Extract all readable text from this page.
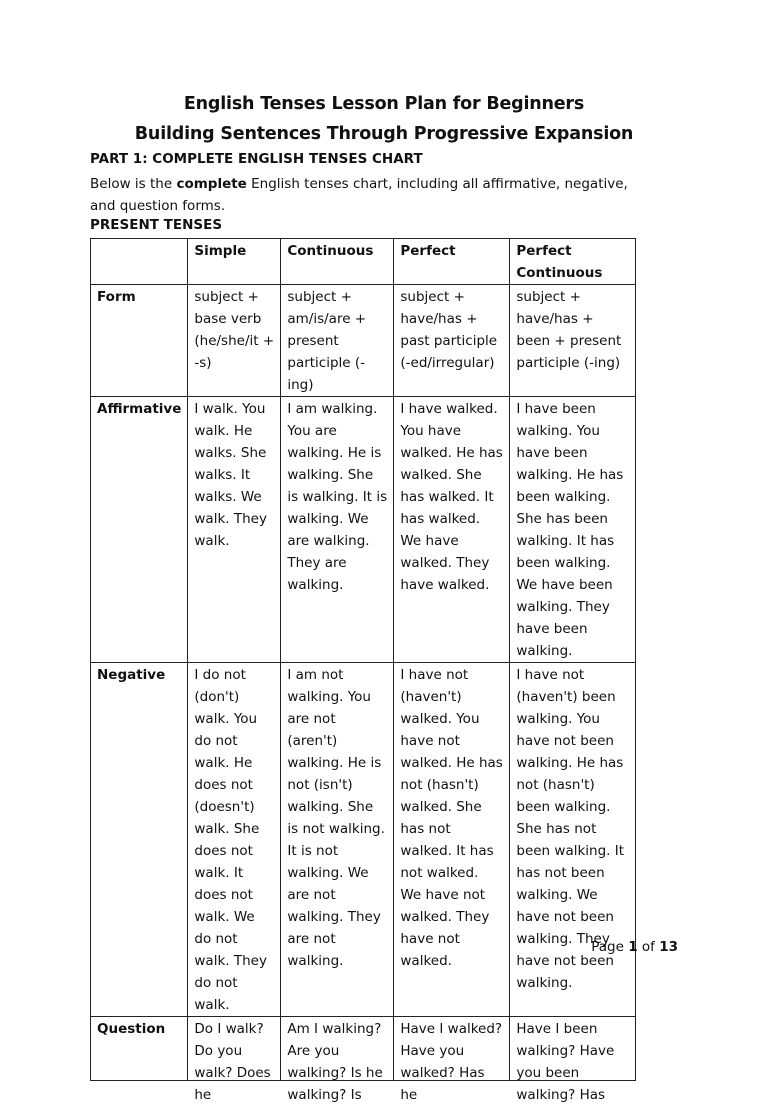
English Tenses Lesson Plan for Beginners
Building Sentences Through Progressive Expansion
PART 1: COMPLETE ENGLISH TENSES CHART
Below is the complete English tenses chart, including all affirmative, negative, and question forms.
PRESENT TENSES
	Simple	Continuous	Perfect	Perfect Continuous
Form	subject + base verb (he/she/it + -s)	subject + am/is/are + present participle (-ing)	subject + have/has + past participle (-ed/irregular)	subject + have/has + been + present participle (-ing)
Affirmative	I walk. You walk. He walks. She walks. It walks. We walk. They walk.	I am walking. You are walking. He is walking. She is walking. It is walking. We are walking. They are walking.	I have walked. You have walked. He has walked. She has walked. It has walked. We have walked. They have walked.	I have been walking. You have been walking. He has been walking. She has been walking. It has been walking. We have been walking. They have been walking.
Negative	I do not (don't) walk. You do not walk. He does not (doesn't) walk. She does not walk. It does not walk. We do not walk. They do not walk.	I am not walking. You are not (aren't) walking. He is not (isn't) walking. She is not walking. It is not walking. We are not walking. They are not walking.	I have not (haven't) walked. You have not walked. He has not (hasn't) walked. She has not walked. It has not walked. We have not walked. They have not walked.	I have not (haven't) been walking. You have not been walking. He has not (hasn't) been walking. She has not been walking. It has not been walking. We have not been walking. They have not been walking.
Question	Do I walk? Do you walk? Does he	Am I walking? Are you walking? Is he walking? Is	Have I walked? Have you walked? Has he	Have I been walking? Have you been walking? Has
Page 1 of 13
